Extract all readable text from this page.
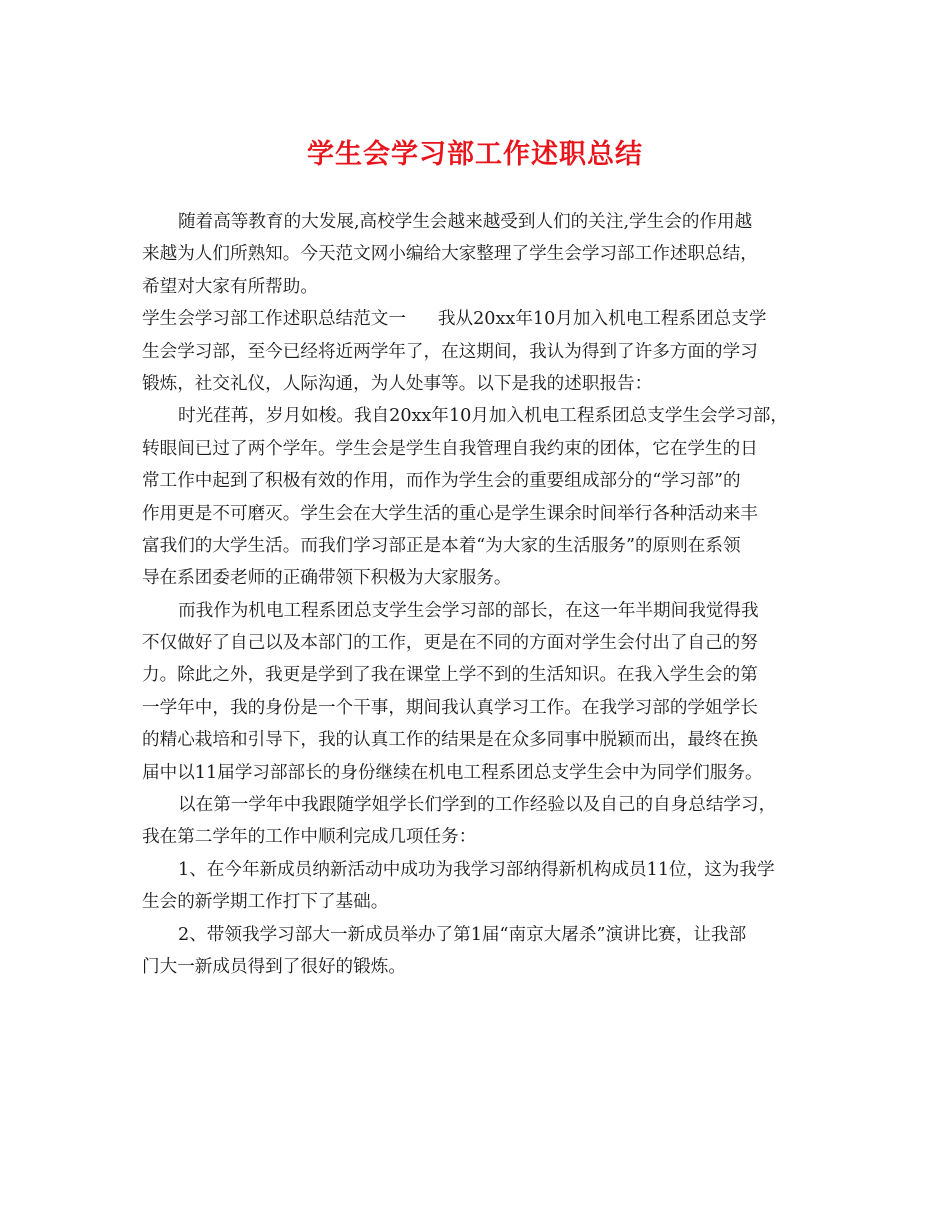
学生会学习部工作述职总结
随着高等教育的大发展,高校学生会越来越受到人们的关注,学生会的作用越
来越为人们所熟知。今天范文网小编给大家整理了学生会学习部工作述职总结，
希望对大家有所帮助。
学生会学习部工作述职总结范文一 我从20xx年10月加入机电工程系团总支学
生会学习部，至今已经将近两学年了，在这期间，我认为得到了许多方面的学习
锻炼，社交礼仪，人际沟通，为人处事等。以下是我的述职报告：
时光荏苒，岁月如梭。我自20xx年10月加入机电工程系团总支学生会学习部，
转眼间已过了两个学年。学生会是学生自我管理自我约束的团体，它在学生的日
常工作中起到了积极有效的作用，而作为学生会的重要组成部分的“学习部”的
作用更是不可磨灭。学生会在大学生活的重心是学生课余时间举行各种活动来丰
富我们的大学生活。而我们学习部正是本着“为大家的生活服务”的原则在系领
导在系团委老师的正确带领下积极为大家服务。
而我作为机电工程系团总支学生会学习部的部长，在这一年半期间我觉得我
不仅做好了自己以及本部门的工作，更是在不同的方面对学生会付出了自己的努
力。除此之外，我更是学到了我在课堂上学不到的生活知识。在我入学生会的第
一学年中，我的身份是一个干事，期间我认真学习工作。在我学习部的学姐学长
的精心栽培和引导下，我的认真工作的结果是在众多同事中脱颖而出，最终在换
届中以11届学习部部长的身份继续在机电工程系团总支学生会中为同学们服务。
以在第一学年中我跟随学姐学长们学到的工作经验以及自己的自身总结学习，
我在第二学年的工作中顺利完成几项任务：
1、在今年新成员纳新活动中成功为我学习部纳得新机构成员11位，这为我学
生会的新学期工作打下了基础。
2、带领我学习部大一新成员举办了第1届“南京大屠杀”演讲比赛，让我部
门大一新成员得到了很好的锻炼。
